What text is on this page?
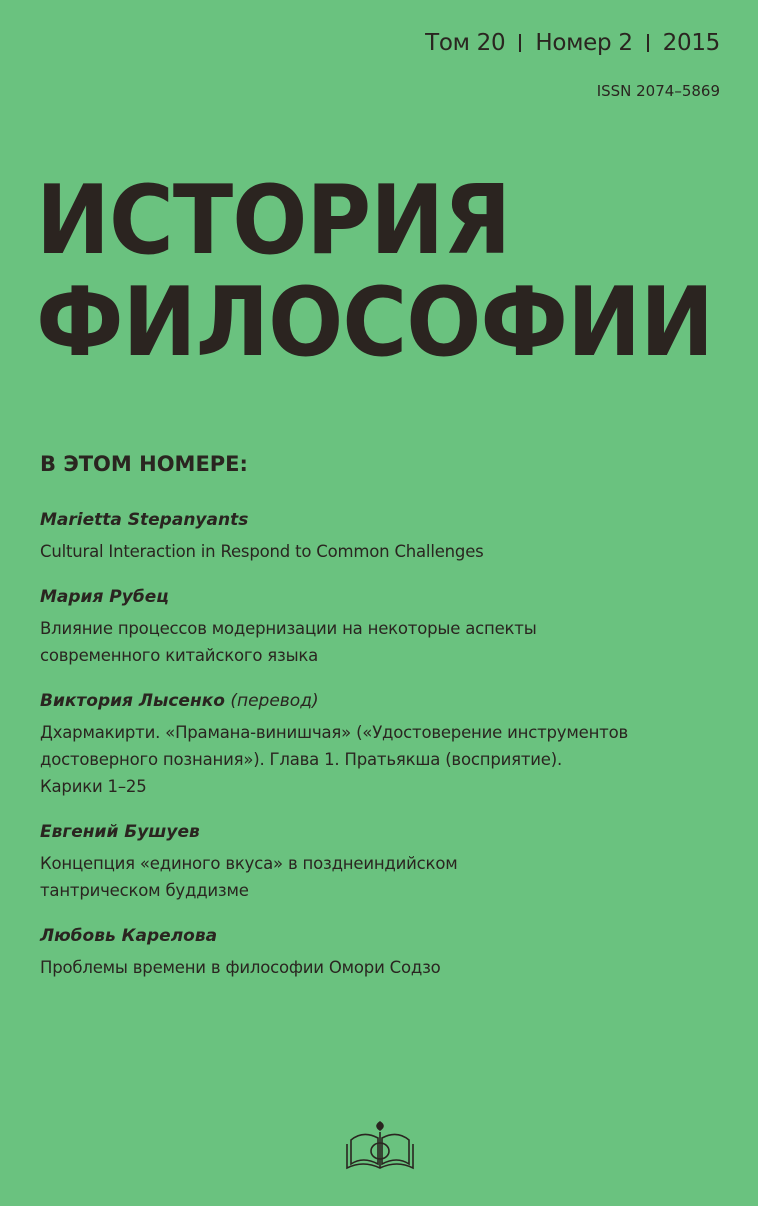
Том 20 Номер 2 2015
ISSN 2074–5869
ИСТОРИЯ
ФИЛОСОФИИ
В ЭТОМ НОМЕРЕ:
Marietta Stepanyants
Cultural Interaction in Respond to Common Challenges
Мария Рубец
Влияние процессов модернизации на некоторые аспекты
современного китайского языка
Виктория Лысенко (перевод)
Дхармакирти. «Прамана-винишчая» («Удостоверение инструментов
достоверного познания»). Глава 1. Пратьякша (восприятие).
Карики 1–25
Евгений Бушуев
Концепция «единого вкуса» в позднеиндийском
тантрическом буддизме
Любовь Карелова
Проблемы времени в философии Омори Содзо
